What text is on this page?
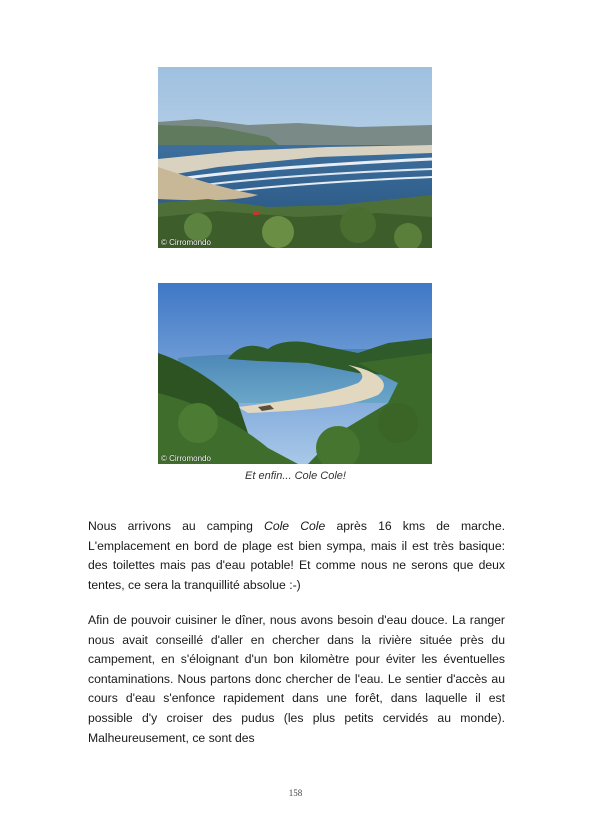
© Cirromondo
© Cirromondo
Et enfin... Cole Cole!

Nous arrivons au camping Cole Cole après 16 kms de marche. L'emplacement en bord de plage est bien sympa, mais il est très basique: des toilettes mais pas d'eau potable! Et comme nous ne serons que deux tentes, ce sera la tranquillité absolue :-)

Afin de pouvoir cuisiner le dîner, nous avons besoin d'eau douce. La ranger nous avait conseillé d'aller en chercher dans la rivière située près du campement, en s'éloignant d'un bon kilomètre pour éviter les éventuelles contaminations. Nous partons donc chercher de l'eau. Le sentier d'accès au cours d'eau s'enfonce rapidement dans une forêt, dans laquelle il est possible d'y croiser des pudus (les plus petits cervidés au monde). Malheureusement, ce sont des

158
